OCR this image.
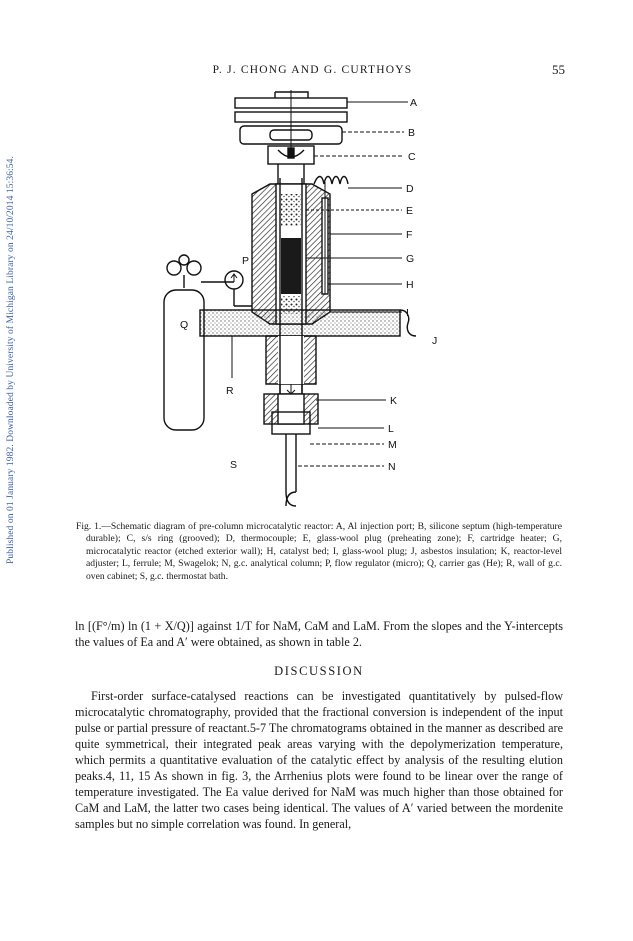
Published on 01 January 1982. Downloaded by University of Michigan Library on 24/10/2014 15:36:54.
P. J. CHONG AND G. CURTHOYS	55
A
B
C
D
E
F
G
H
I
J
K
L
M
N
P
Q
R
S
Fig. 1.—Schematic diagram of pre-column microcatalytic reactor: A, Al injection port; B, silicone septum (high-temperature durable); C, s/s ring (grooved); D, thermocouple; E, glass-wool plug (preheating zone); F, cartridge heater; G, microcatalytic reactor (etched exterior wall); H, catalyst bed; I, glass-wool plug; J, asbestos insulation; K, reactor-level adjuster; L, ferrule; M, Swagelok; N, g.c. analytical column; P, flow regulator (micro); Q, carrier gas (He); R, wall of g.c. oven cabinet; S, g.c. thermostat bath.
ln [(F°/m) ln (1 + X/Q)] against 1/T for NaM, CaM and LaM. From the slopes and the Y-intercepts the values of Ea and A′ were obtained, as shown in table 2.
DISCUSSION
First-order surface-catalysed reactions can be investigated quantitatively by pulsed-flow microcatalytic chromatography, provided that the fractional conversion is independent of the input pulse or partial pressure of reactant.5-7 The chromatograms obtained in the manner as described are quite symmetrical, their integrated peak areas varying with the depolymerization temperature, which permits a quantitative evaluation of the catalytic effect by analysis of the resulting elution peaks.4, 11, 15 As shown in fig. 3, the Arrhenius plots were found to be linear over the range of temperature investigated. The Ea value derived for NaM was much higher than those obtained for CaM and LaM, the latter two cases being identical. The values of A′ varied between the mordenite samples but no simple correlation was found. In general,
